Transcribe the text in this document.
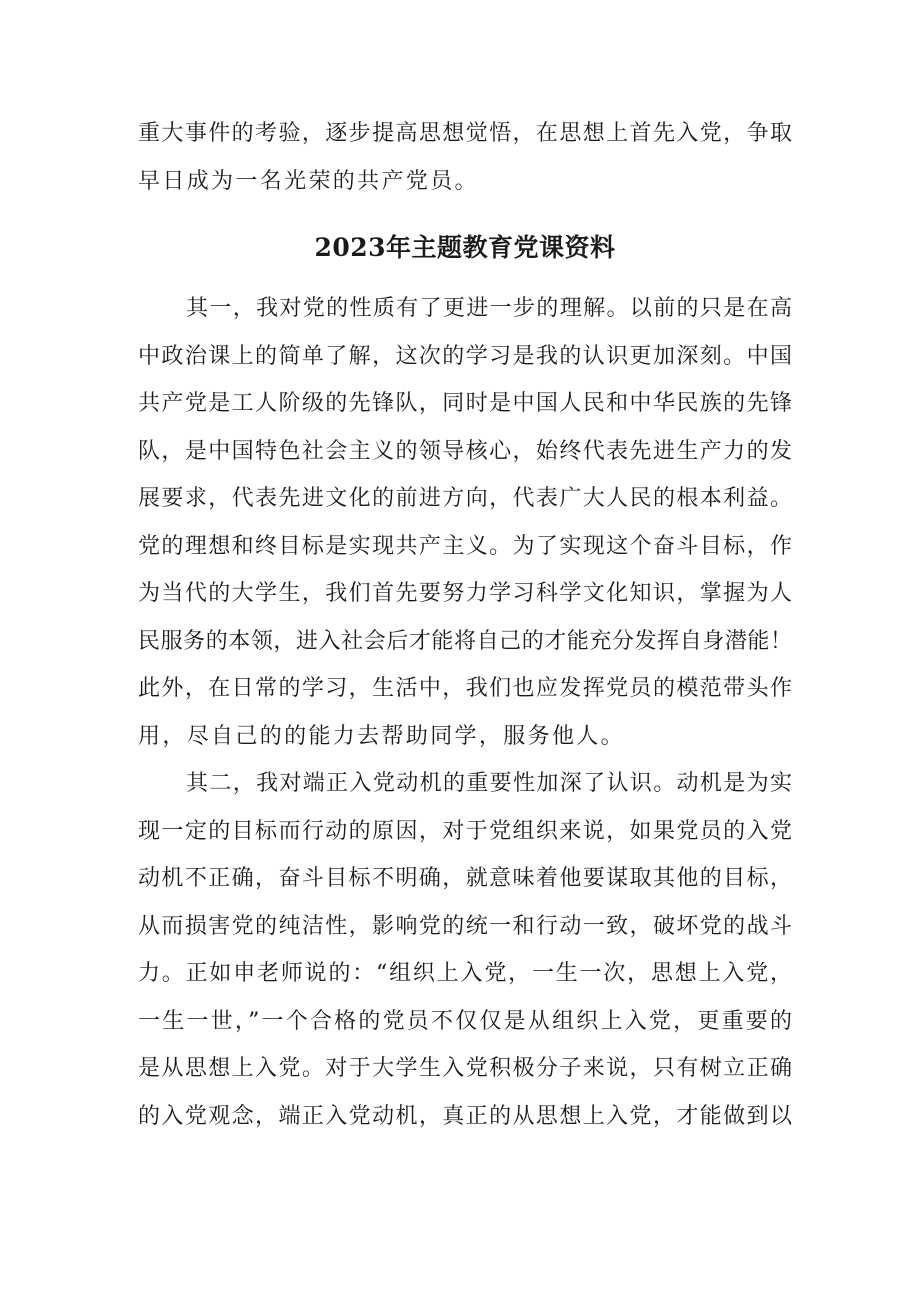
重大事件的考验，逐步提高思想觉悟，在思想上首先入党，争取
早日成为一名光荣的共产党员。
2023年主题教育党课资料
其一，我对党的性质有了更进一步的理解。以前的只是在高
中政治课上的简单了解，这次的学习是我的认识更加深刻。中国
共产党是工人阶级的先锋队，同时是中国人民和中华民族的先锋
队，是中国特色社会主义的领导核心，始终代表先进生产力的发
展要求，代表先进文化的前进方向，代表广大人民的根本利益。
党的理想和终目标是实现共产主义。为了实现这个奋斗目标，作
为当代的大学生，我们首先要努力学习科学文化知识，掌握为人
民服务的本领，进入社会后才能将自己的才能充分发挥自身潜能！
此外，在日常的学习，生活中，我们也应发挥党员的模范带头作
用，尽自己的的能力去帮助同学，服务他人。
其二，我对端正入党动机的重要性加深了认识。动机是为实
现一定的目标而行动的原因，对于党组织来说，如果党员的入党
动机不正确，奋斗目标不明确，就意味着他要谋取其他的目标，
从而损害党的纯洁性，影响党的统一和行动一致，破坏党的战斗
力。正如申老师说的：“组织上入党，一生一次，思想上入党，
一生一世，”一个合格的党员不仅仅是从组织上入党，更重要的
是从思想上入党。对于大学生入党积极分子来说，只有树立正确
的入党观念，端正入党动机，真正的从思想上入党，才能做到以
